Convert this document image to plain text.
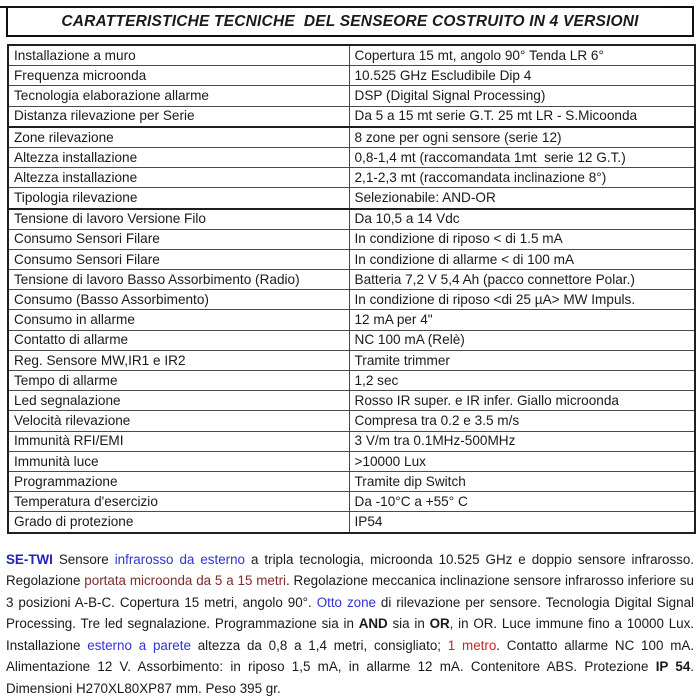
CARATTERISTICHE TECNICHE  DEL SENSEORE COSTRUITO IN 4 VERSIONI
Installazione a muro	Copertura 15 mt, angolo 90° Tenda LR 6°
Frequenza microonda	10.525 GHz Escludibile Dip 4
Tecnologia elaborazione allarme	DSP (Digital Signal Processing)
Distanza rilevazione per Serie	Da 5 a 15 mt serie G.T. 25 mt LR - S.Micoonda
Zone rilevazione	8 zone per ogni sensore (serie 12)
Altezza installazione	0,8-1,4 mt (raccomandata 1mt  serie 12 G.T.)
Altezza installazione	2,1-2,3 mt (raccomandata inclinazione 8°)
Tipologia rilevazione	Selezionabile: AND-OR
Tensione di lavoro Versione Filo	Da 10,5 a 14 Vdc
Consumo Sensori Filare	In condizione di riposo < di 1.5 mA
Consumo Sensori Filare	In condizione di allarme < di 100 mA
Tensione di lavoro Basso Assorbimento (Radio)	Batteria 7,2 V 5,4 Ah (pacco connettore Polar.)
Consumo (Basso Assorbimento)	In condizione di riposo <di 25 µA> MW Impuls.
Consumo in allarme	12 mA per 4"
Contatto di allarme	NC 100 mA (Relè)
Reg. Sensore MW,IR1 e IR2	Tramite trimmer
Tempo di allarme	1,2 sec
Led segnalazione	Rosso IR super. e IR infer. Giallo microonda
Velocità rilevazione	Compresa tra 0.2 e 3.5 m/s
Immunità RFI/EMI	3 V/m tra 0.1MHz-500MHz
Immunità luce	>10000 Lux
Programmazione	Tramite dip Switch
Temperatura d'esercizio	Da -10°C a +55° C
Grado di protezione	IP54

SE-TWI Sensore infrarosso da esterno a tripla tecnologia, microonda 10.525 GHz e doppio sensore infrarosso. Regolazione portata microonda da 5 a 15 metri. Regolazione meccanica inclinazione sensore infrarosso inferiore su 3 posizioni A-B-C. Copertura 15 metri, angolo 90°. Otto zone di rilevazione per sensore. Tecnologia Digital Signal Processing. Tre led segnalazione. Programmazione sia in AND sia in OR, in OR. Luce immune fino a 10000 Lux. Installazione esterno a parete altezza da 0,8 a 1,4 metri, consigliato; 1 metro. Contatto allarme NC 100 mA. Alimentazione 12 V. Assorbimento: in riposo 1,5 mA, in allarme 12 mA. Contenitore ABS. Protezione IP 54. Dimensioni H270XL80XP87 mm. Peso 395 gr.
